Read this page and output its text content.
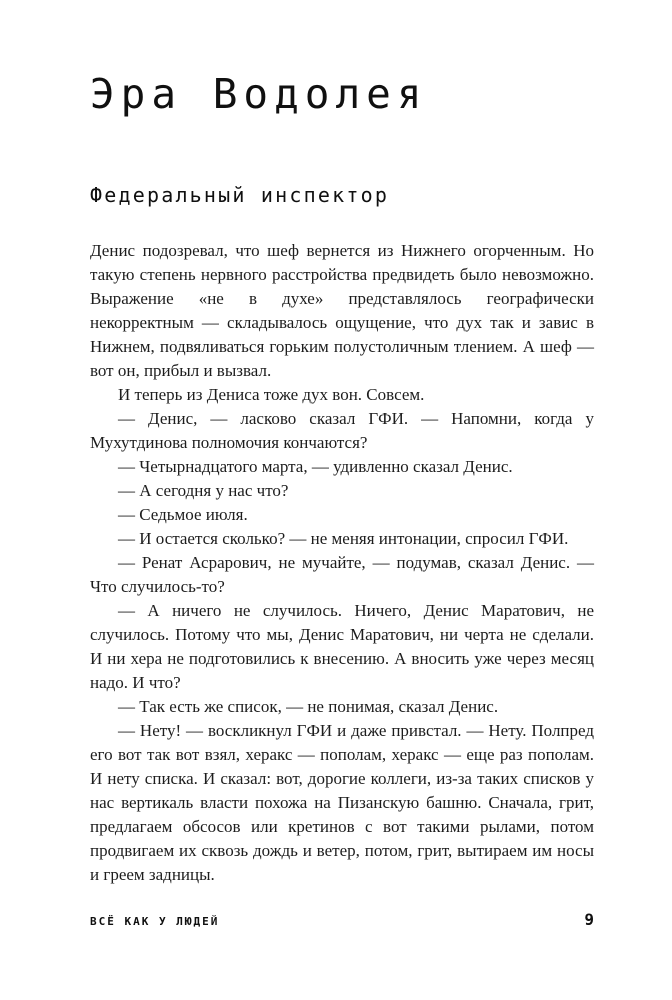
Эра Водолея
Федеральный инспектор

Денис подозревал, что шеф вернется из Нижнего огорченным. Но такую степень нервного расстройства предвидеть было невозможно. Выражение «не в духе» представлялось географически некорректным — складывалось ощущение, что дух так и завис в Нижнем, подвяливаться горьким полустоличным тлением. А шеф — вот он, прибыл и вызвал.

И теперь из Дениса тоже дух вон. Совсем.

— Денис, — ласково сказал ГФИ. — Напомни, когда у Мухутдинова полномочия кончаются?

— Четырнадцатого марта, — удивленно сказал Денис.

— А сегодня у нас что?

— Седьмое июля.

— И остается сколько? — не меняя интонации, спросил ГФИ.

— Ренат Асрарович, не мучайте, — подумав, сказал Денис. — Что случилось-то?

— А ничего не случилось. Ничего, Денис Маратович, не случилось. Потому что мы, Денис Маратович, ни черта не сделали. И ни хера не подготовились к внесению. А вносить уже через месяц надо. И что?

— Так есть же список, — не понимая, сказал Денис.

— Нету! — воскликнул ГФИ и даже привстал. — Нету. Полпред его вот так вот взял, херакс — пополам, херакс — еще раз пополам. И нету списка. И сказал: вот, дорогие коллеги, из-за таких списков у нас вертикаль власти похожа на Пизанскую башню. Сначала, грит, предлагаем обсосов или кретинов с вот такими рылами, потом продвигаем их сквозь дождь и ветер, потом, грит, вытираем им носы и греем задницы.

ВСЁ КАК У ЛЮДЕЙ	9
